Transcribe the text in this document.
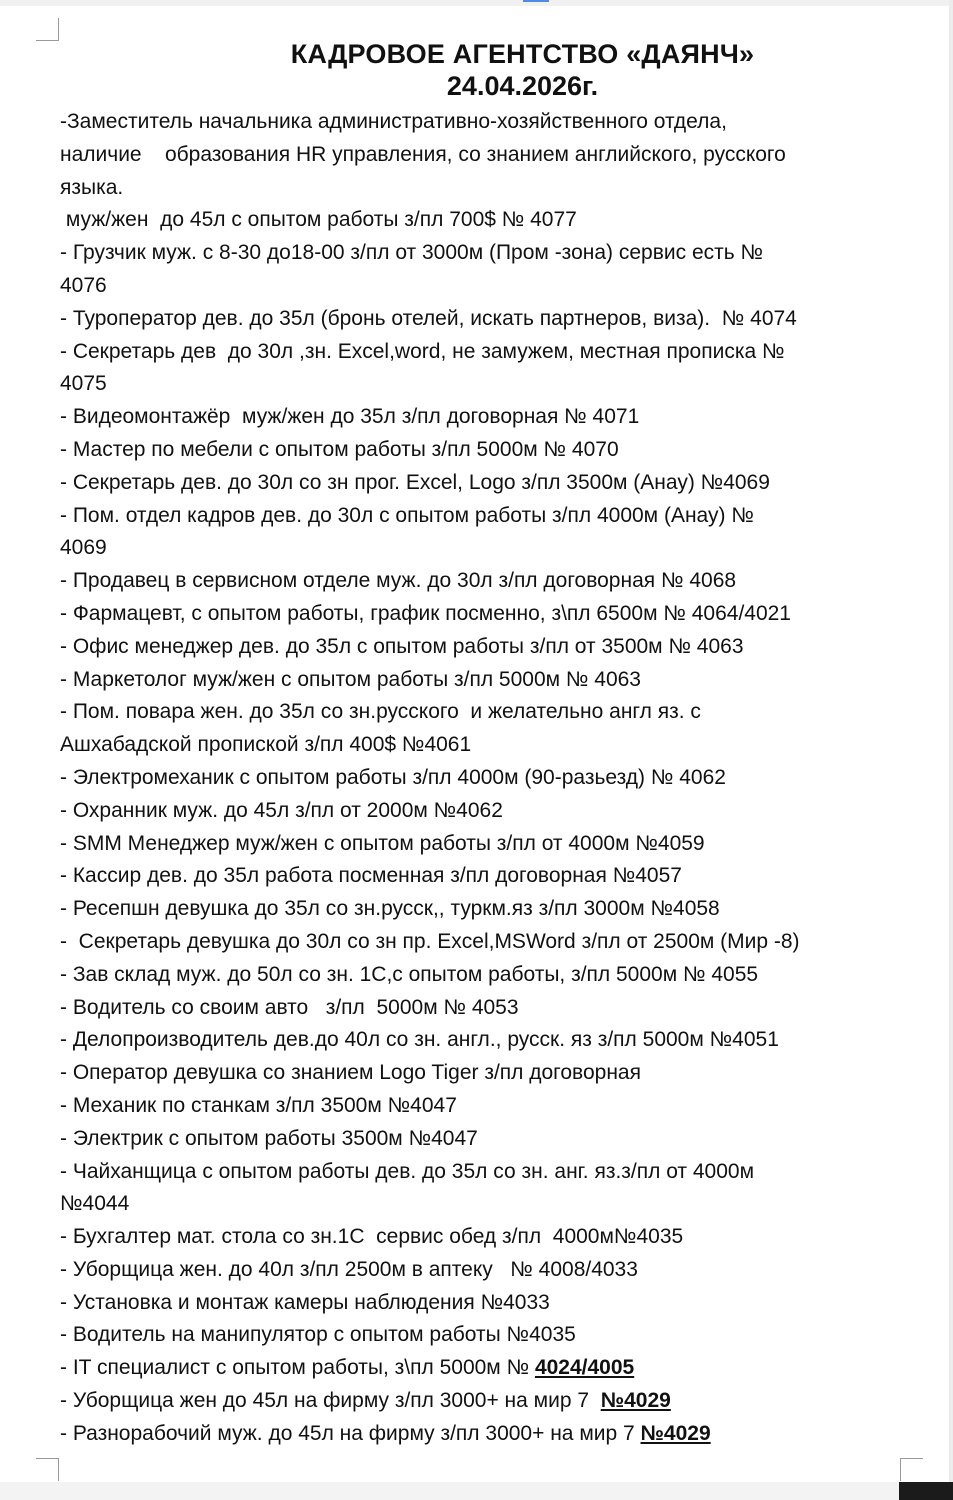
КАДРОВОЕ АГЕНТСТВО «ДАЯНЧ»
24.04.2026г.
-Заместитель начальника административно-хозяйственного отдела,
наличие    образования HR управления, со знанием английского, русского
языка.
муж/жен  до 45л с опытом работы з/пл 700$ № 4077
- Грузчик муж. с 8-30 до18-00 з/пл от 3000м (Пром -зона) сервис есть №
4076
- Туроператор дев. до 35л (бронь отелей, искать партнеров, виза).  № 4074
- Секретарь дев  до 30л ,зн. Excel,word, не замужем, местная прописка №
4075
- Видеомонтажёр  муж/жен до 35л з/пл договорная № 4071
- Мастер по мебели с опытом работы з/пл 5000м № 4070
- Секретарь дев. до 30л со зн прог. Excel, Logo з/пл 3500м (Анау) №4069
- Пом. отдел кадров дев. до 30л с опытом работы з/пл 4000м (Анау) №
4069
- Продавец в сервисном отделе муж. до 30л з/пл договорная № 4068
- Фармацевт, с опытом работы, график посменно, з\пл 6500м № 4064/4021
- Офис менеджер дев. до 35л с опытом работы з/пл от 3500м № 4063
- Маркетолог муж/жен с опытом работы з/пл 5000м № 4063
- Пом. повара жен. до 35л со зн.русского  и желательно англ яз. с
Ашхабадской пропиской з/пл 400$ №4061
- Электромеханик с опытом работы з/пл 4000м (90-разьезд) № 4062
- Охранник муж. до 45л з/пл от 2000м №4062
- SMM Менеджер муж/жен с опытом работы з/пл от 4000м №4059
- Кассир дев. до 35л работа посменная з/пл договорная №4057
- Ресепшн девушка до 35л со зн.русск,, туркм.яз з/пл 3000м №4058
-  Секретарь девушка до 30л со зн пр. Excel,MSWord з/пл от 2500м (Мир -8)
- Зав склад муж. до 50л со зн. 1С,с опытом работы, з/пл 5000м № 4055
- Водитель со своим авто   з/пл  5000м № 4053
- Делопроизводитель дев.до 40л со зн. англ., русск. яз з/пл 5000м №4051
- Оператор девушка со знанием Logo Tiger з/пл договорная
- Механик по станкам з/пл 3500м №4047
- Электрик с опытом работы 3500м №4047
- Чайханщица с опытом работы дев. до 35л со зн. анг. яз.з/пл от 4000м
№4044
- Бухгалтер мат. стола со зн.1С  сервис обед з/пл  4000м№4035
- Уборщица жен. до 40л з/пл 2500м в аптеку   № 4008/4033
- Установка и монтаж камеры наблюдения №4033
- Водитель на манипулятор с опытом работы №4035
- IT специалист с опытом работы, з\пл 5000м № 4024/4005
- Уборщица жен до 45л на фирму з/пл 3000+ на мир 7  №4029
- Разнорабочий муж. до 45л на фирму з/пл 3000+ на мир 7 №4029
